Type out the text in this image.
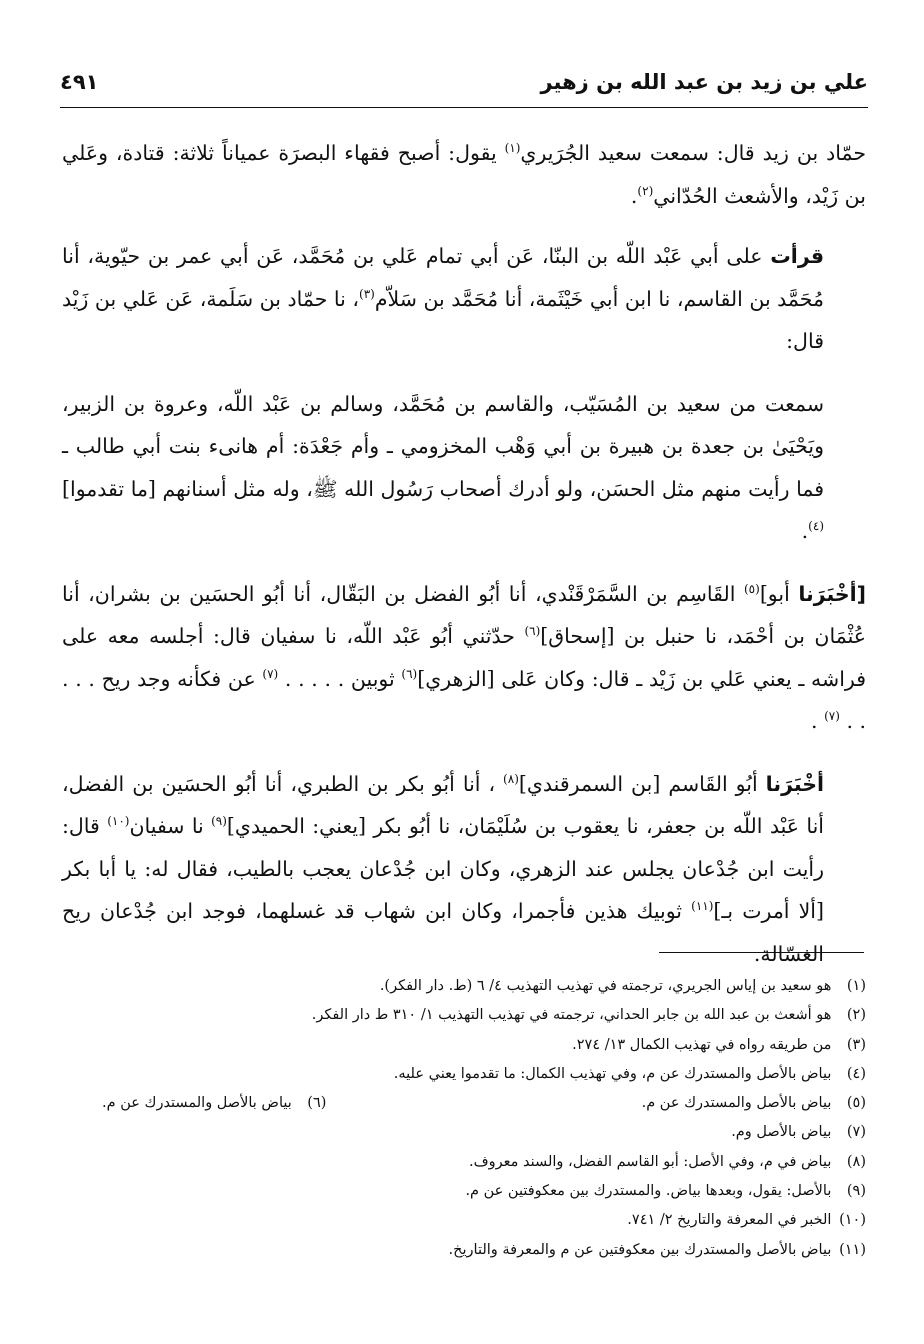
علي بن زيد بن عبد الله بن زهير
٤٩١

حمّاد بن زيد قال: سمعت سعيد الجُرَيري$^{(١)}$ يقول: أصبح فقهاء البصرَة عمياناً ثلاثة: قتادة، وعَلي بن زَيْد، والأشعث الحُدّاني$^{(٢)}$.

قرأت على أبي عَبْد اللّه بن البنّا، عَن أبي تمام عَلي بن مُحَمَّد، عَن أبي عمر بن حيّوية، أنا مُحَمَّد بن القاسم، نا ابن أبي خَيْثَمة، أنا مُحَمَّد بن سَلاّم$^{(٣)}$، نا حمّاد بن سَلَمة، عَن عَلي بن زَيْد قال:

سمعت من سعيد بن المُسَيّب، والقاسم بن مُحَمَّد، وسالم بن عَبْد اللّه، وعروة بن الزبير، ويَحْيَىٰ بن جعدة بن هبيرة بن أبي وَهْب المخزومي ـ وأم جَعْدَة: أم هانىء بنت أبي طالب ـ فما رأيت منهم مثل الحسَن، ولو أدرك أصحاب رَسُول الله ﷺ، وله مثل أسنانهم [ما تقدموا]$^{(٤)}$.

[أخْبَرَنا أبو]$^{(٥)}$ القَاسِم بن السَّمَرْقَنْدي، أنا أبُو الفضل بن البَقّال، أنا أبُو الحسَين بن بشران، أنا عُثْمَان بن أحْمَد، نا حنبل بن [إسحاق]$^{(٦)}$ حدّثني أبُو عَبْد اللّه، نا سفيان قال: أجلسه معه على فراشه ـ يعني عَلي بن زَيْد ـ قال: وكان عَلى [الزهري]$^{(٦)}$ ثوبين . . . . . $^{(٧)}$ عن فكأنه وجد ريح . . . . . $^{(٧)}$ .

أخْبَرَنا أبُو القَاسم [بن السمرقندي]$^{(٨)}$ ، أنا أبُو بكر بن الطبري، أنا أبُو الحسَين بن الفضل، أنا عَبْد اللّه بن جعفر، نا يعقوب بن سُلَيْمَان، نا أبُو بكر [يعني: الحميدي]$^{(٩)}$ نا سفيان$^{(١٠)}$ قال: رأيت ابن جُدْعان يجلس عند الزهري، وكان ابن جُدْعان يعجب بالطيب، فقال له: يا أبا بكر [ألا أمرت بـ]$^{(١١)}$ ثوبيك هذين فأجمرا، وكان ابن شهاب قد غسلهما، فوجد ابن جُدْعان ريح الغسّالة.

(١) هو سعيد بن إياس الجريري، ترجمته في تهذيب التهذيب ٤/ ٦ (ط. دار الفكر).
(٢) هو أشعث بن عبد الله بن جابر الحداني، ترجمته في تهذيب التهذيب ١/ ٣١٠ ط دار الفكر.
(٣) من طريقه رواه في تهذيب الكمال ١٣/ ٢٧٤.
(٤) بياض بالأصل والمستدرك عن م، وفي تهذيب الكمال: ما تقدموا يعني عليه.
(٥) بياض بالأصل والمستدرك عن م.
(٦) بياض بالأصل والمستدرك عن م.
(٧) بياض بالأصل وم.
(٨) بياض في م، وفي الأصل: أبو القاسم الفضل، والسند معروف.
(٩) بالأصل: يقول، وبعدها بياض. والمستدرك بين معكوفتين عن م.
(١٠) الخبر في المعرفة والتاريخ ٢/ ٧٤١.
(١١) بياض بالأصل والمستدرك بين معكوفتين عن م والمعرفة والتاريخ.
